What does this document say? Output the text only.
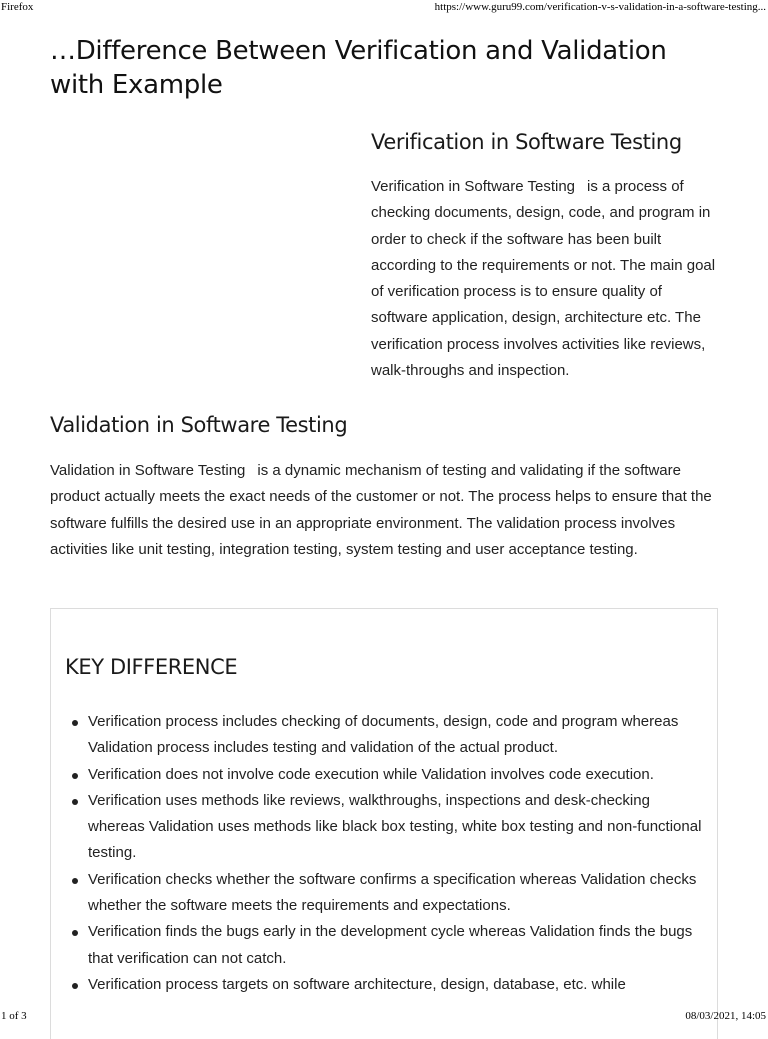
Firefox	https://www.guru99.com/verification-v-s-validation-in-a-software-testing...
…Difference Between Verification and Validation with Example
Verification in Software Testing

Verification in Software Testing is a process of checking documents, design, code, and program in order to check if the software has been built according to the requirements or not. The main goal of verification process is to ensure quality of software application, design, architecture etc. The verification process involves activities like reviews, walk-throughs and inspection.

Validation in Software Testing

Validation in Software Testing is a dynamic mechanism of testing and validating if the software product actually meets the exact needs of the customer or not. The process helps to ensure that the software fulfills the desired use in an appropriate environment. The validation process involves activities like unit testing, integration testing, system testing and user acceptance testing.

KEY DIFFERENCE
Verification process includes checking of documents, design, code and program whereas Validation process includes testing and validation of the actual product.
Verification does not involve code execution while Validation involves code execution.
Verification uses methods like reviews, walkthroughs, inspections and desk-checking whereas Validation uses methods like black box testing, white box testing and non-functional testing.
Verification checks whether the software confirms a specification whereas Validation checks whether the software meets the requirements and expectations.
Verification finds the bugs early in the development cycle whereas Validation finds the bugs that verification can not catch.
Verification process targets on software architecture, design, database, etc. while
1 of 3	08/03/2021, 14:05
